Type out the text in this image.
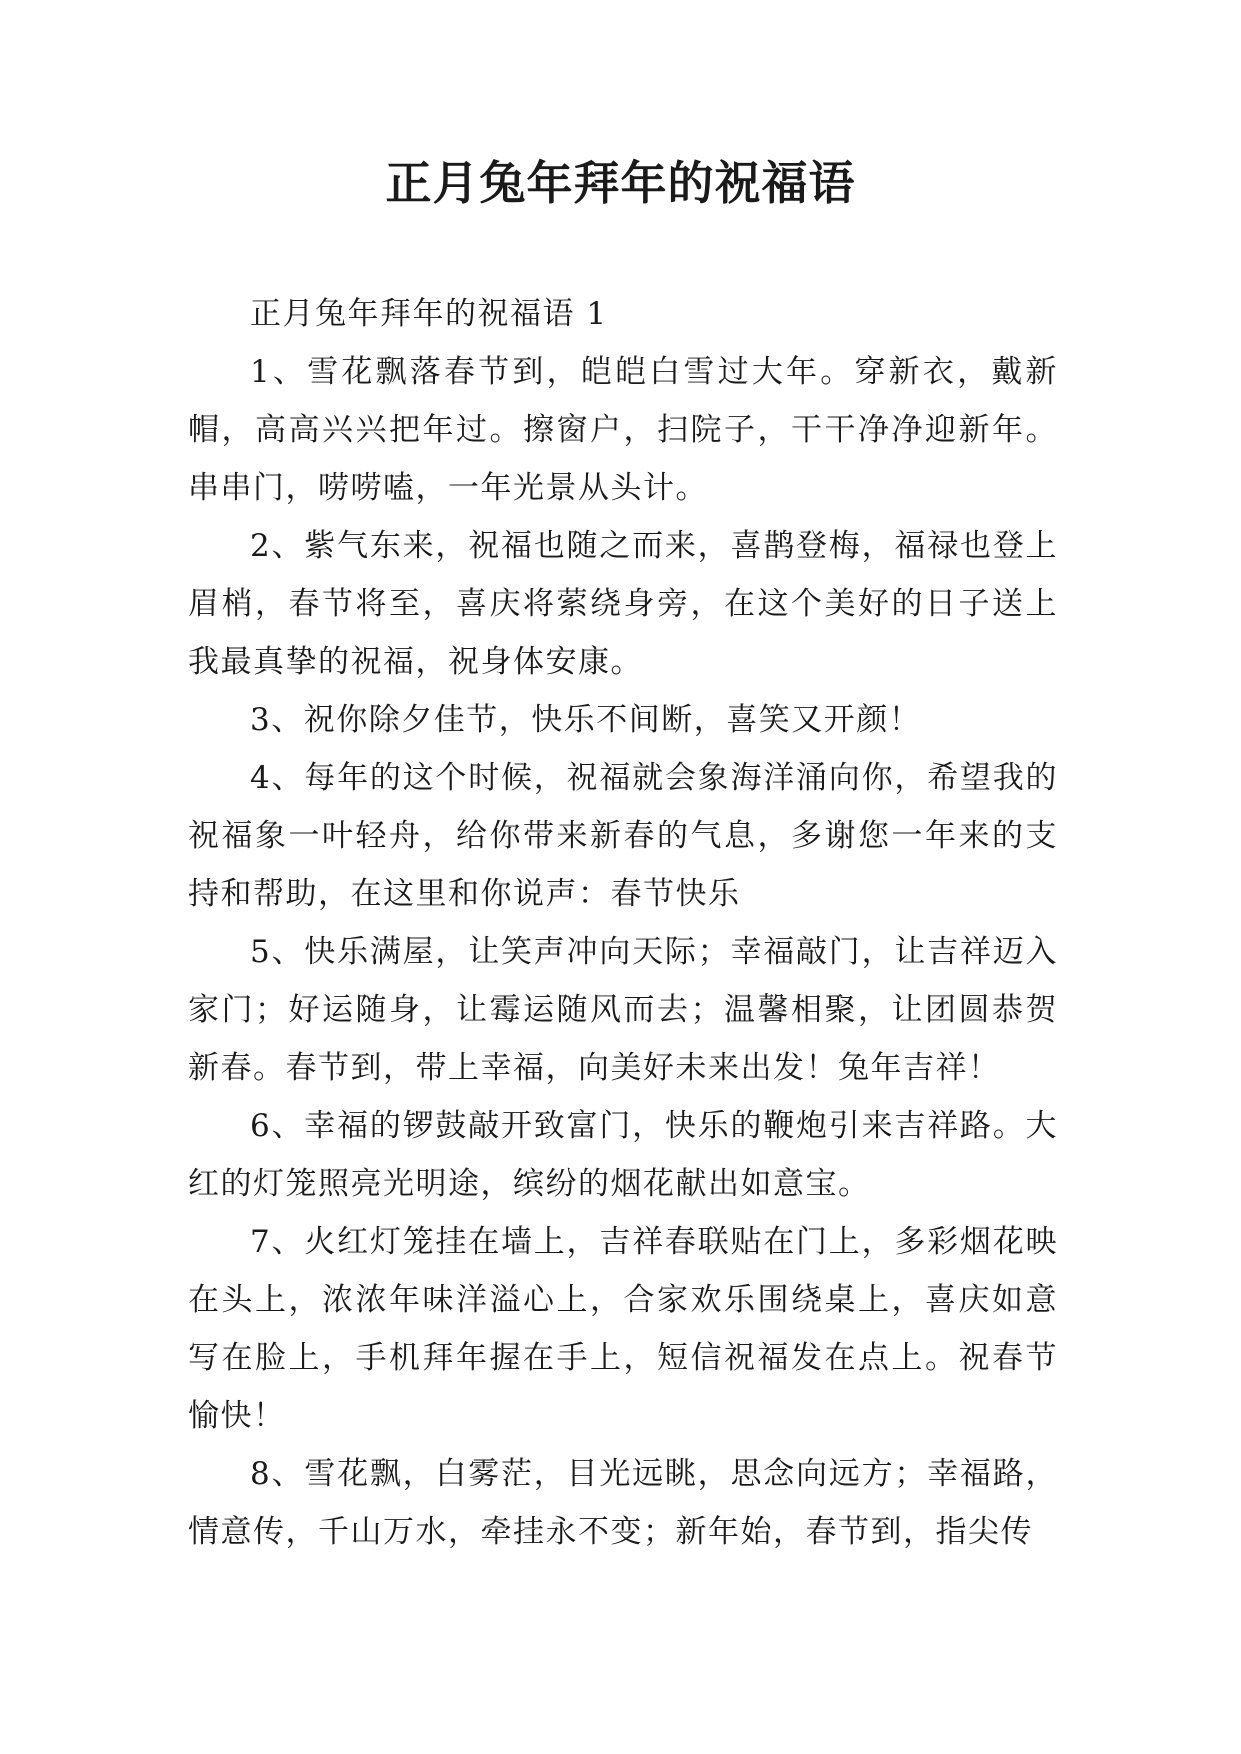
正月兔年拜年的祝福语

正月兔年拜年的祝福语 1

1、雪花飘落春节到，皑皑白雪过大年。穿新衣，戴新帽，高高兴兴把年过。擦窗户，扫院子，干干净净迎新年。串串门，唠唠嗑，一年光景从头计。

2、紫气东来，祝福也随之而来，喜鹊登梅，福禄也登上眉梢，春节将至，喜庆将萦绕身旁，在这个美好的日子送上我最真挚的祝福，祝身体安康。

3、祝你除夕佳节，快乐不间断，喜笑又开颜！

4、每年的这个时候，祝福就会象海洋涌向你，希望我的祝福象一叶轻舟，给你带来新春的气息，多谢您一年来的支持和帮助，在这里和你说声：春节快乐

5、快乐满屋，让笑声冲向天际；幸福敲门，让吉祥迈入家门；好运随身，让霉运随风而去；温馨相聚，让团圆恭贺新春。春节到，带上幸福，向美好未来出发！兔年吉祥！

6、幸福的锣鼓敲开致富门，快乐的鞭炮引来吉祥路。大红的灯笼照亮光明途，缤纷的烟花献出如意宝。

7、火红灯笼挂在墙上，吉祥春联贴在门上，多彩烟花映在头上，浓浓年味洋溢心上，合家欢乐围绕桌上，喜庆如意写在脸上，手机拜年握在手上，短信祝福发在点上。祝春节愉快！

8、雪花飘，白雾茫，目光远眺，思念向远方；幸福路，情意传，千山万水，牵挂永不变；新年始，春节到，指尖传
